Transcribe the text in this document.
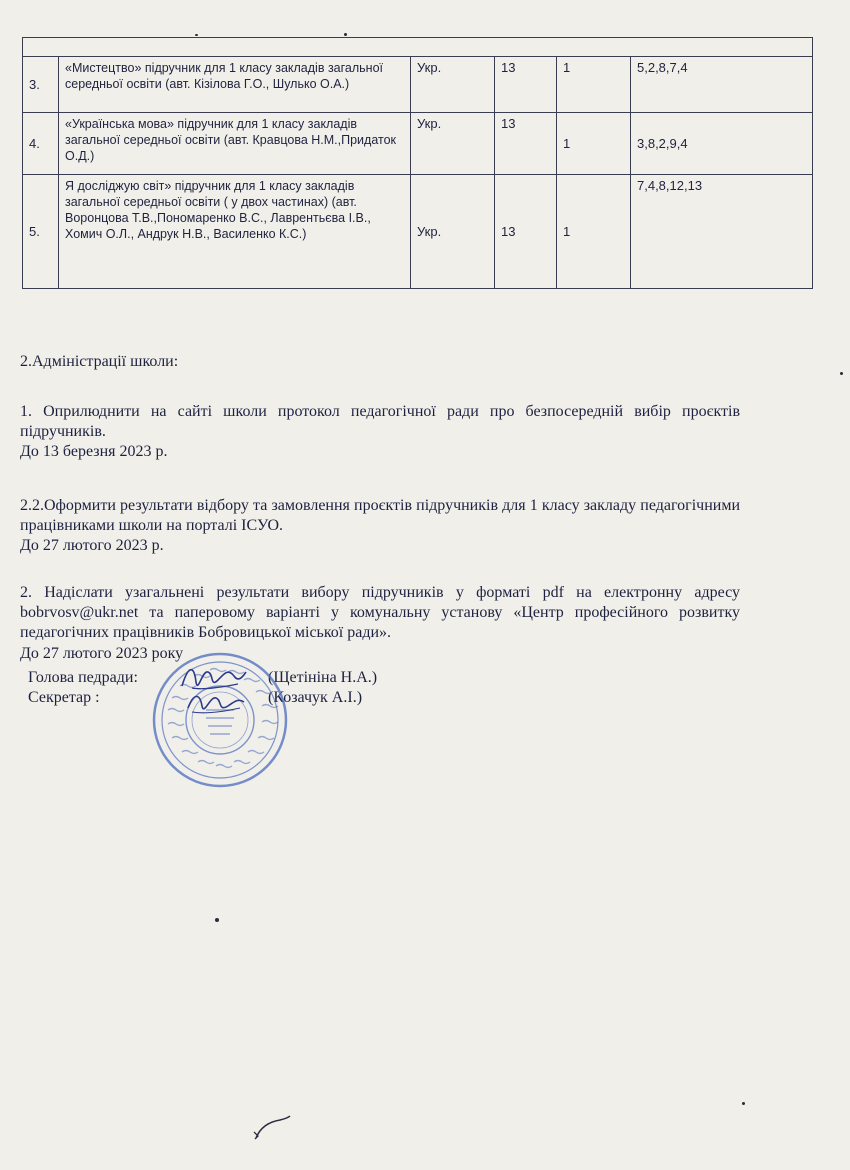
3.	«Мистецтво» підручник для 1 класу закладів загальної середньої освіти (авт. Кізілова Г.О., Шулько О.А.)	Укр.	13	1	5,2,8,7,4
4.	«Українська мова» підручник для 1 класу закладів загальної середньої освіти (авт. Кравцова Н.М.,Придаток О.Д.)	Укр.	13	1	3,8,2,9,4
5.	Я досліджую світ» підручник для 1 класу закладів загальної середньої освіти ( у двох частинах) (авт. Воронцова Т.В.,Пономаренко В.С., Лаврентьєва І.В., Хомич О.Л., Андрук Н.В., Василенко К.С.)	Укр.	13	1	7,4,8,12,13

2.Адміністрації школи:

1. Оприлюднити на сайті школи протокол педагогічної ради про безпосередній вибір проєктів підручників.

До 13 березня 2023 р.

2.2.Оформити результати відбору та замовлення проєктів підручників для 1 класу закладу педагогічними працівниками школи на порталі ІСУО.

До 27 лютого 2023 р.

2. Надіслати узагальнені результати вибору підручників у форматі pdf на електронну адресу bobrvosv@ukr.net та паперовому варіанті у комунальну установу «Центр професійного розвитку педагогічних працівників Бобровицької міської ради».

До 27 лютого 2023 року

Голова педради:	(Щетініна Н.А.)
Секретар :	(Козачук А.І.)
